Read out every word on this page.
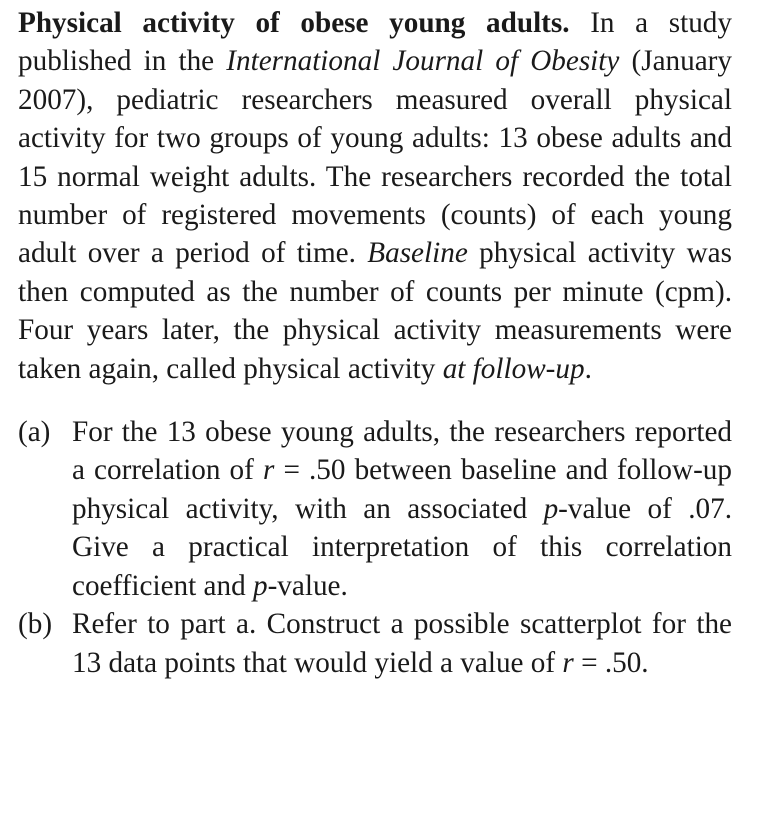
Physical activity of obese young adults. In a study published in the International Journal of Obesity (January 2007), pediatric researchers measured overall physical activity for two groups of young adults: 13 obese adults and 15 normal weight adults. The researchers recorded the total number of registered movements (counts) of each young adult over a period of time. Baseline physical activity was then computed as the number of counts per minute (cpm). Four years later, the physical activity measurements were taken again, called physical activity at follow-up.

(a) For the 13 obese young adults, the researchers reported a correlation of r = .50 between baseline and follow-up physical activity, with an associated p-value of .07. Give a practical interpretation of this correlation coefficient and p-value.

(b) Refer to part a. Construct a possible scatterplot for the 13 data points that would yield a value of r = .50.
